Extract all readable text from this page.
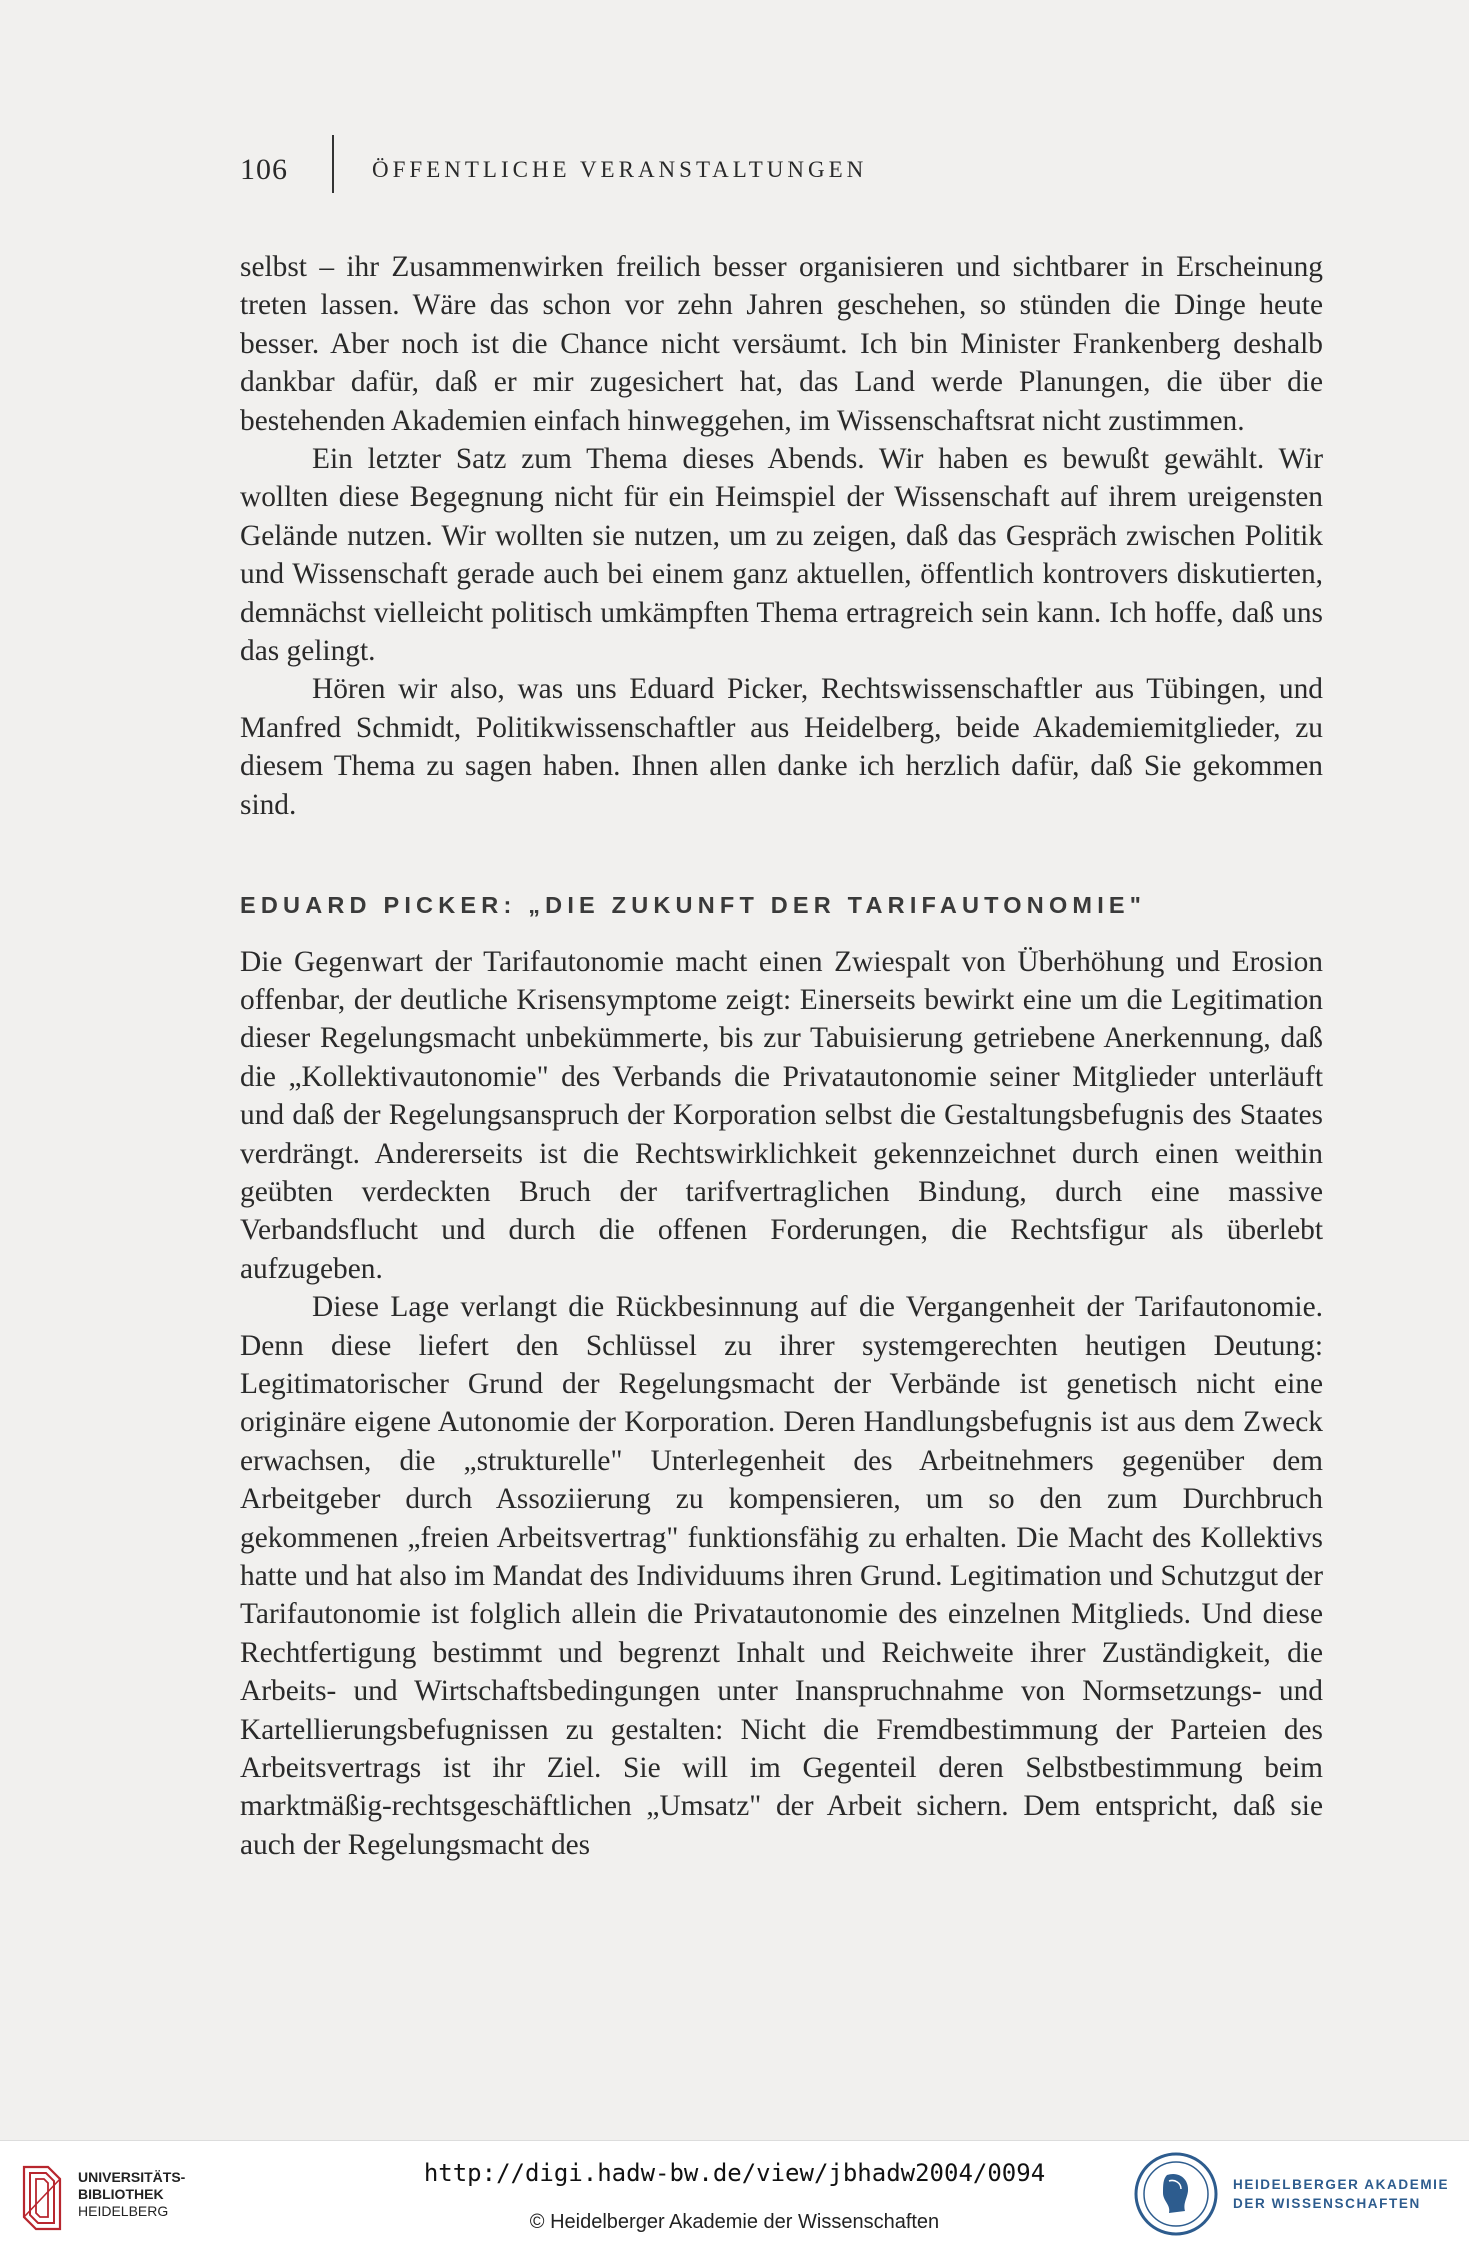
106	ÖFFENTLICHE VERANSTALTUNGEN

selbst – ihr Zusammenwirken freilich besser organisieren und sichtbarer in Erscheinung treten lassen. Wäre das schon vor zehn Jahren geschehen, so stünden die Dinge heute besser. Aber noch ist die Chance nicht versäumt. Ich bin Minister Frankenberg deshalb dankbar dafür, daß er mir zugesichert hat, das Land werde Planungen, die über die bestehenden Akademien einfach hinweggehen, im Wissenschaftsrat nicht zustimmen.

Ein letzter Satz zum Thema dieses Abends. Wir haben es bewußt gewählt. Wir wollten diese Begegnung nicht für ein Heimspiel der Wissenschaft auf ihrem ureigensten Gelände nutzen. Wir wollten sie nutzen, um zu zeigen, daß das Gespräch zwischen Politik und Wissenschaft gerade auch bei einem ganz aktuellen, öffentlich kontrovers diskutierten, demnächst vielleicht politisch umkämpften Thema ertragreich sein kann. Ich hoffe, daß uns das gelingt.

Hören wir also, was uns Eduard Picker, Rechtswissenschaftler aus Tübingen, und Manfred Schmidt, Politikwissenschaftler aus Heidelberg, beide Akademiemitglieder, zu diesem Thema zu sagen haben. Ihnen allen danke ich herzlich dafür, daß Sie gekommen sind.

EDUARD PICKER: „DIE ZUKUNFT DER TARIFAUTONOMIE"

Die Gegenwart der Tarifautonomie macht einen Zwiespalt von Überhöhung und Erosion offenbar, der deutliche Krisensymptome zeigt: Einerseits bewirkt eine um die Legitimation dieser Regelungsmacht unbekümmerte, bis zur Tabuisierung getriebene Anerkennung, daß die „Kollektivautonomie" des Verbands die Privatautonomie seiner Mitglieder unterläuft und daß der Regelungsanspruch der Korporation selbst die Gestaltungsbefugnis des Staates verdrängt. Andererseits ist die Rechtswirklichkeit gekennzeichnet durch einen weithin geübten verdeckten Bruch der tarifvertraglichen Bindung, durch eine massive Verbandsflucht und durch die offenen Forderungen, die Rechtsfigur als überlebt aufzugeben.

Diese Lage verlangt die Rückbesinnung auf die Vergangenheit der Tarifautonomie. Denn diese liefert den Schlüssel zu ihrer systemgerechten heutigen Deutung: Legitimatorischer Grund der Regelungsmacht der Verbände ist genetisch nicht eine originäre eigene Autonomie der Korporation. Deren Handlungsbefugnis ist aus dem Zweck erwachsen, die „strukturelle" Unterlegenheit des Arbeitnehmers gegenüber dem Arbeitgeber durch Assoziierung zu kompensieren, um so den zum Durchbruch gekommenen „freien Arbeitsvertrag" funktionsfähig zu erhalten. Die Macht des Kollektivs hatte und hat also im Mandat des Individuums ihren Grund. Legitimation und Schutzgut der Tarifautonomie ist folglich allein die Privatautonomie des einzelnen Mitglieds. Und diese Rechtfertigung bestimmt und begrenzt Inhalt und Reichweite ihrer Zuständigkeit, die Arbeits- und Wirtschaftsbedingungen unter Inanspruchnahme von Normsetzungs- und Kartellierungsbefugnissen zu gestalten: Nicht die Fremdbestimmung der Parteien des Arbeitsvertrags ist ihr Ziel. Sie will im Gegenteil deren Selbstbestimmung beim marktmäßig-rechtsgeschäftlichen „Umsatz" der Arbeit sichern. Dem entspricht, daß sie auch der Regelungsmacht des

UNIVERSITÄTS-
BIBLIOTHEK
HEIDELBERG
http://digi.hadw-bw.de/view/jbhadw2004/0094
© Heidelberger Akademie der Wissenschaften
HEIDELBERGER AKADEMIE
DER WISSENSCHAFTEN
